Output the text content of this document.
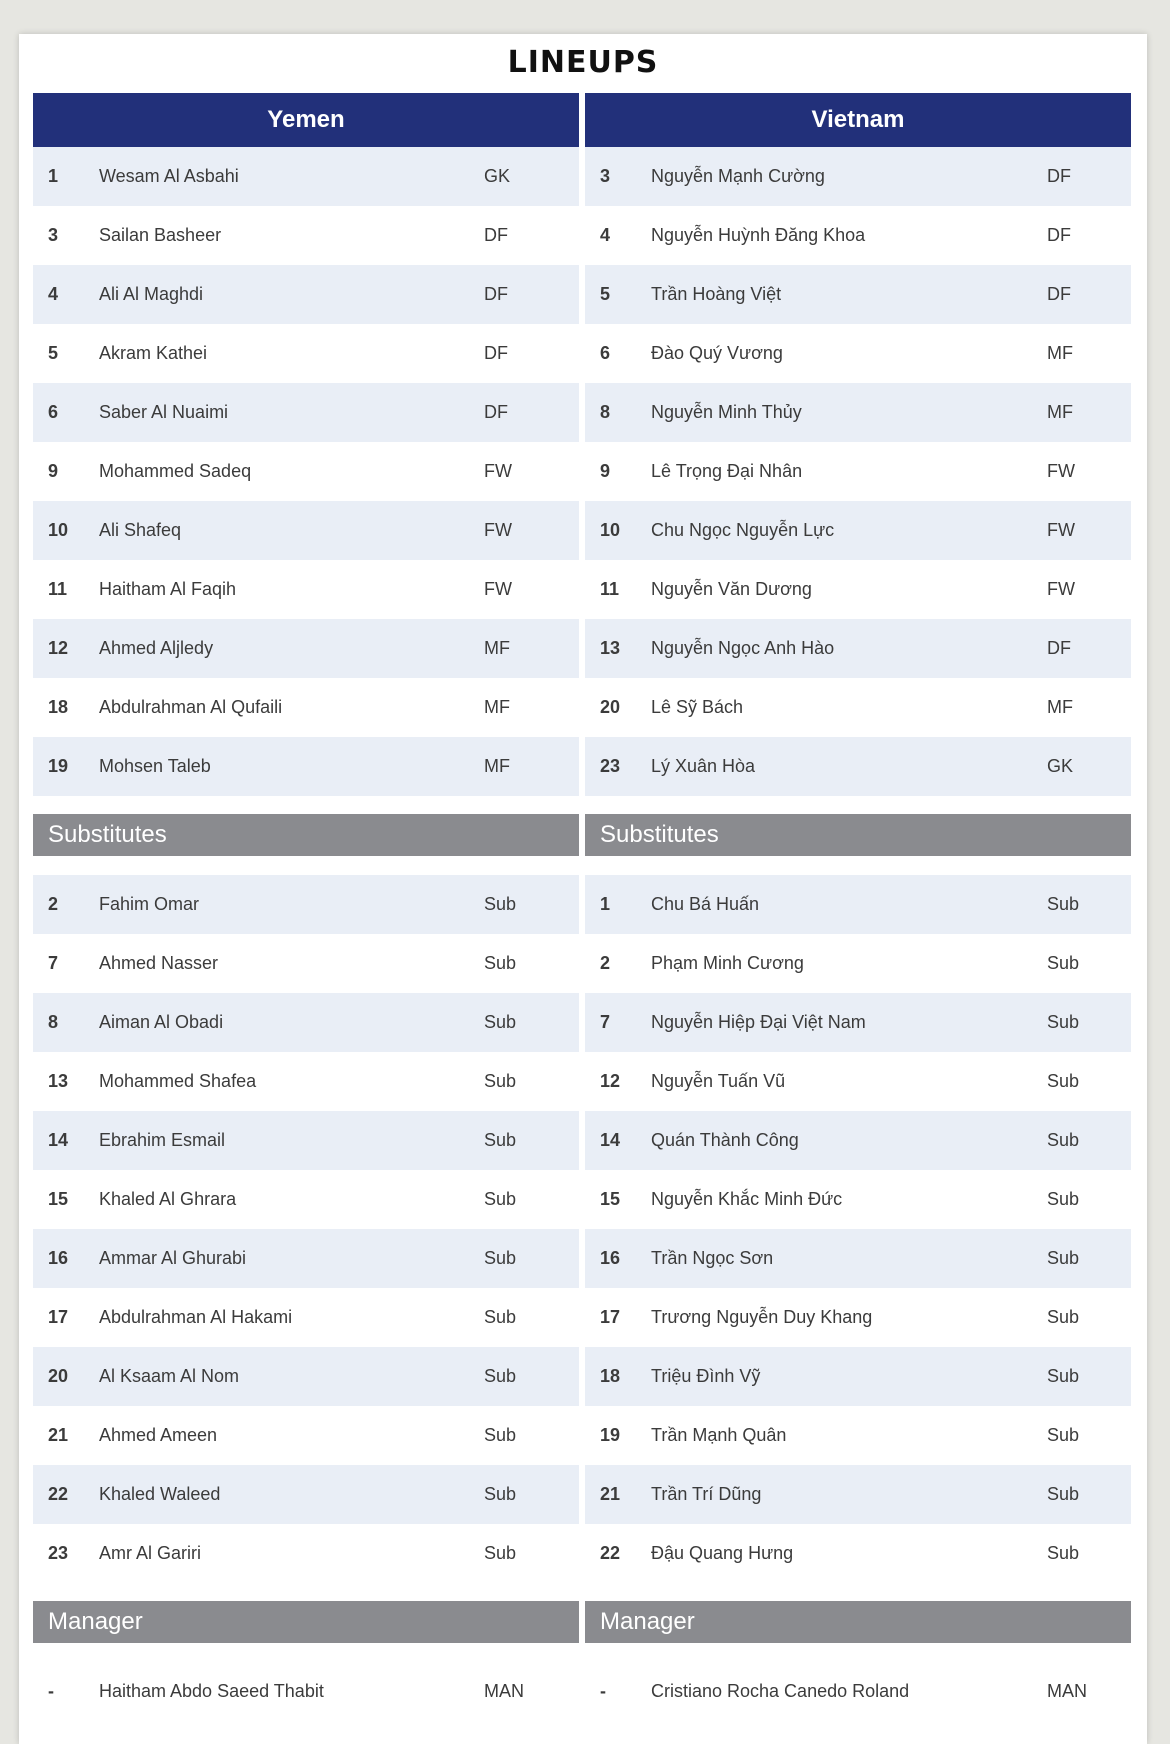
LINEUPS
Yemen
1	Wesam Al Asbahi	GK
3	Sailan Basheer	DF
4	Ali Al Maghdi	DF
5	Akram Kathei	DF
6	Saber Al Nuaimi	DF
9	Mohammed Sadeq	FW
10	Ali Shafeq	FW
11	Haitham Al Faqih	FW
12	Ahmed Aljledy	MF
18	Abdulrahman Al Qufaili	MF
19	Mohsen Taleb	MF
Substitutes
2	Fahim Omar	Sub
7	Ahmed Nasser	Sub
8	Aiman Al Obadi	Sub
13	Mohammed Shafea	Sub
14	Ebrahim Esmail	Sub
15	Khaled Al Ghrara	Sub
16	Ammar Al Ghurabi	Sub
17	Abdulrahman Al Hakami	Sub
20	Al Ksaam Al Nom	Sub
21	Ahmed Ameen	Sub
22	Khaled Waleed	Sub
23	Amr Al Gariri	Sub
Manager
-	Haitham Abdo Saeed Thabit	MAN
Vietnam
3	Nguyễn Mạnh Cường	DF
4	Nguyễn Huỳnh Đăng Khoa	DF
5	Trần Hoàng Việt	DF
6	Đào Quý Vương	MF
8	Nguyễn Minh Thủy	MF
9	Lê Trọng Đại Nhân	FW
10	Chu Ngọc Nguyễn Lực	FW
11	Nguyễn Văn Dương	FW
13	Nguyễn Ngọc Anh Hào	DF
20	Lê Sỹ Bách	MF
23	Lý Xuân Hòa	GK
Substitutes
1	Chu Bá Huấn	Sub
2	Phạm Minh Cương	Sub
7	Nguyễn Hiệp Đại Việt Nam	Sub
12	Nguyễn Tuấn Vũ	Sub
14	Quán Thành Công	Sub
15	Nguyễn Khắc Minh Đức	Sub
16	Trần Ngọc Sơn	Sub
17	Trương Nguyễn Duy Khang	Sub
18	Triệu Đình Vỹ	Sub
19	Trần Mạnh Quân	Sub
21	Trần Trí Dũng	Sub
22	Đậu Quang Hưng	Sub
Manager
-	Cristiano Rocha Canedo Roland	MAN
